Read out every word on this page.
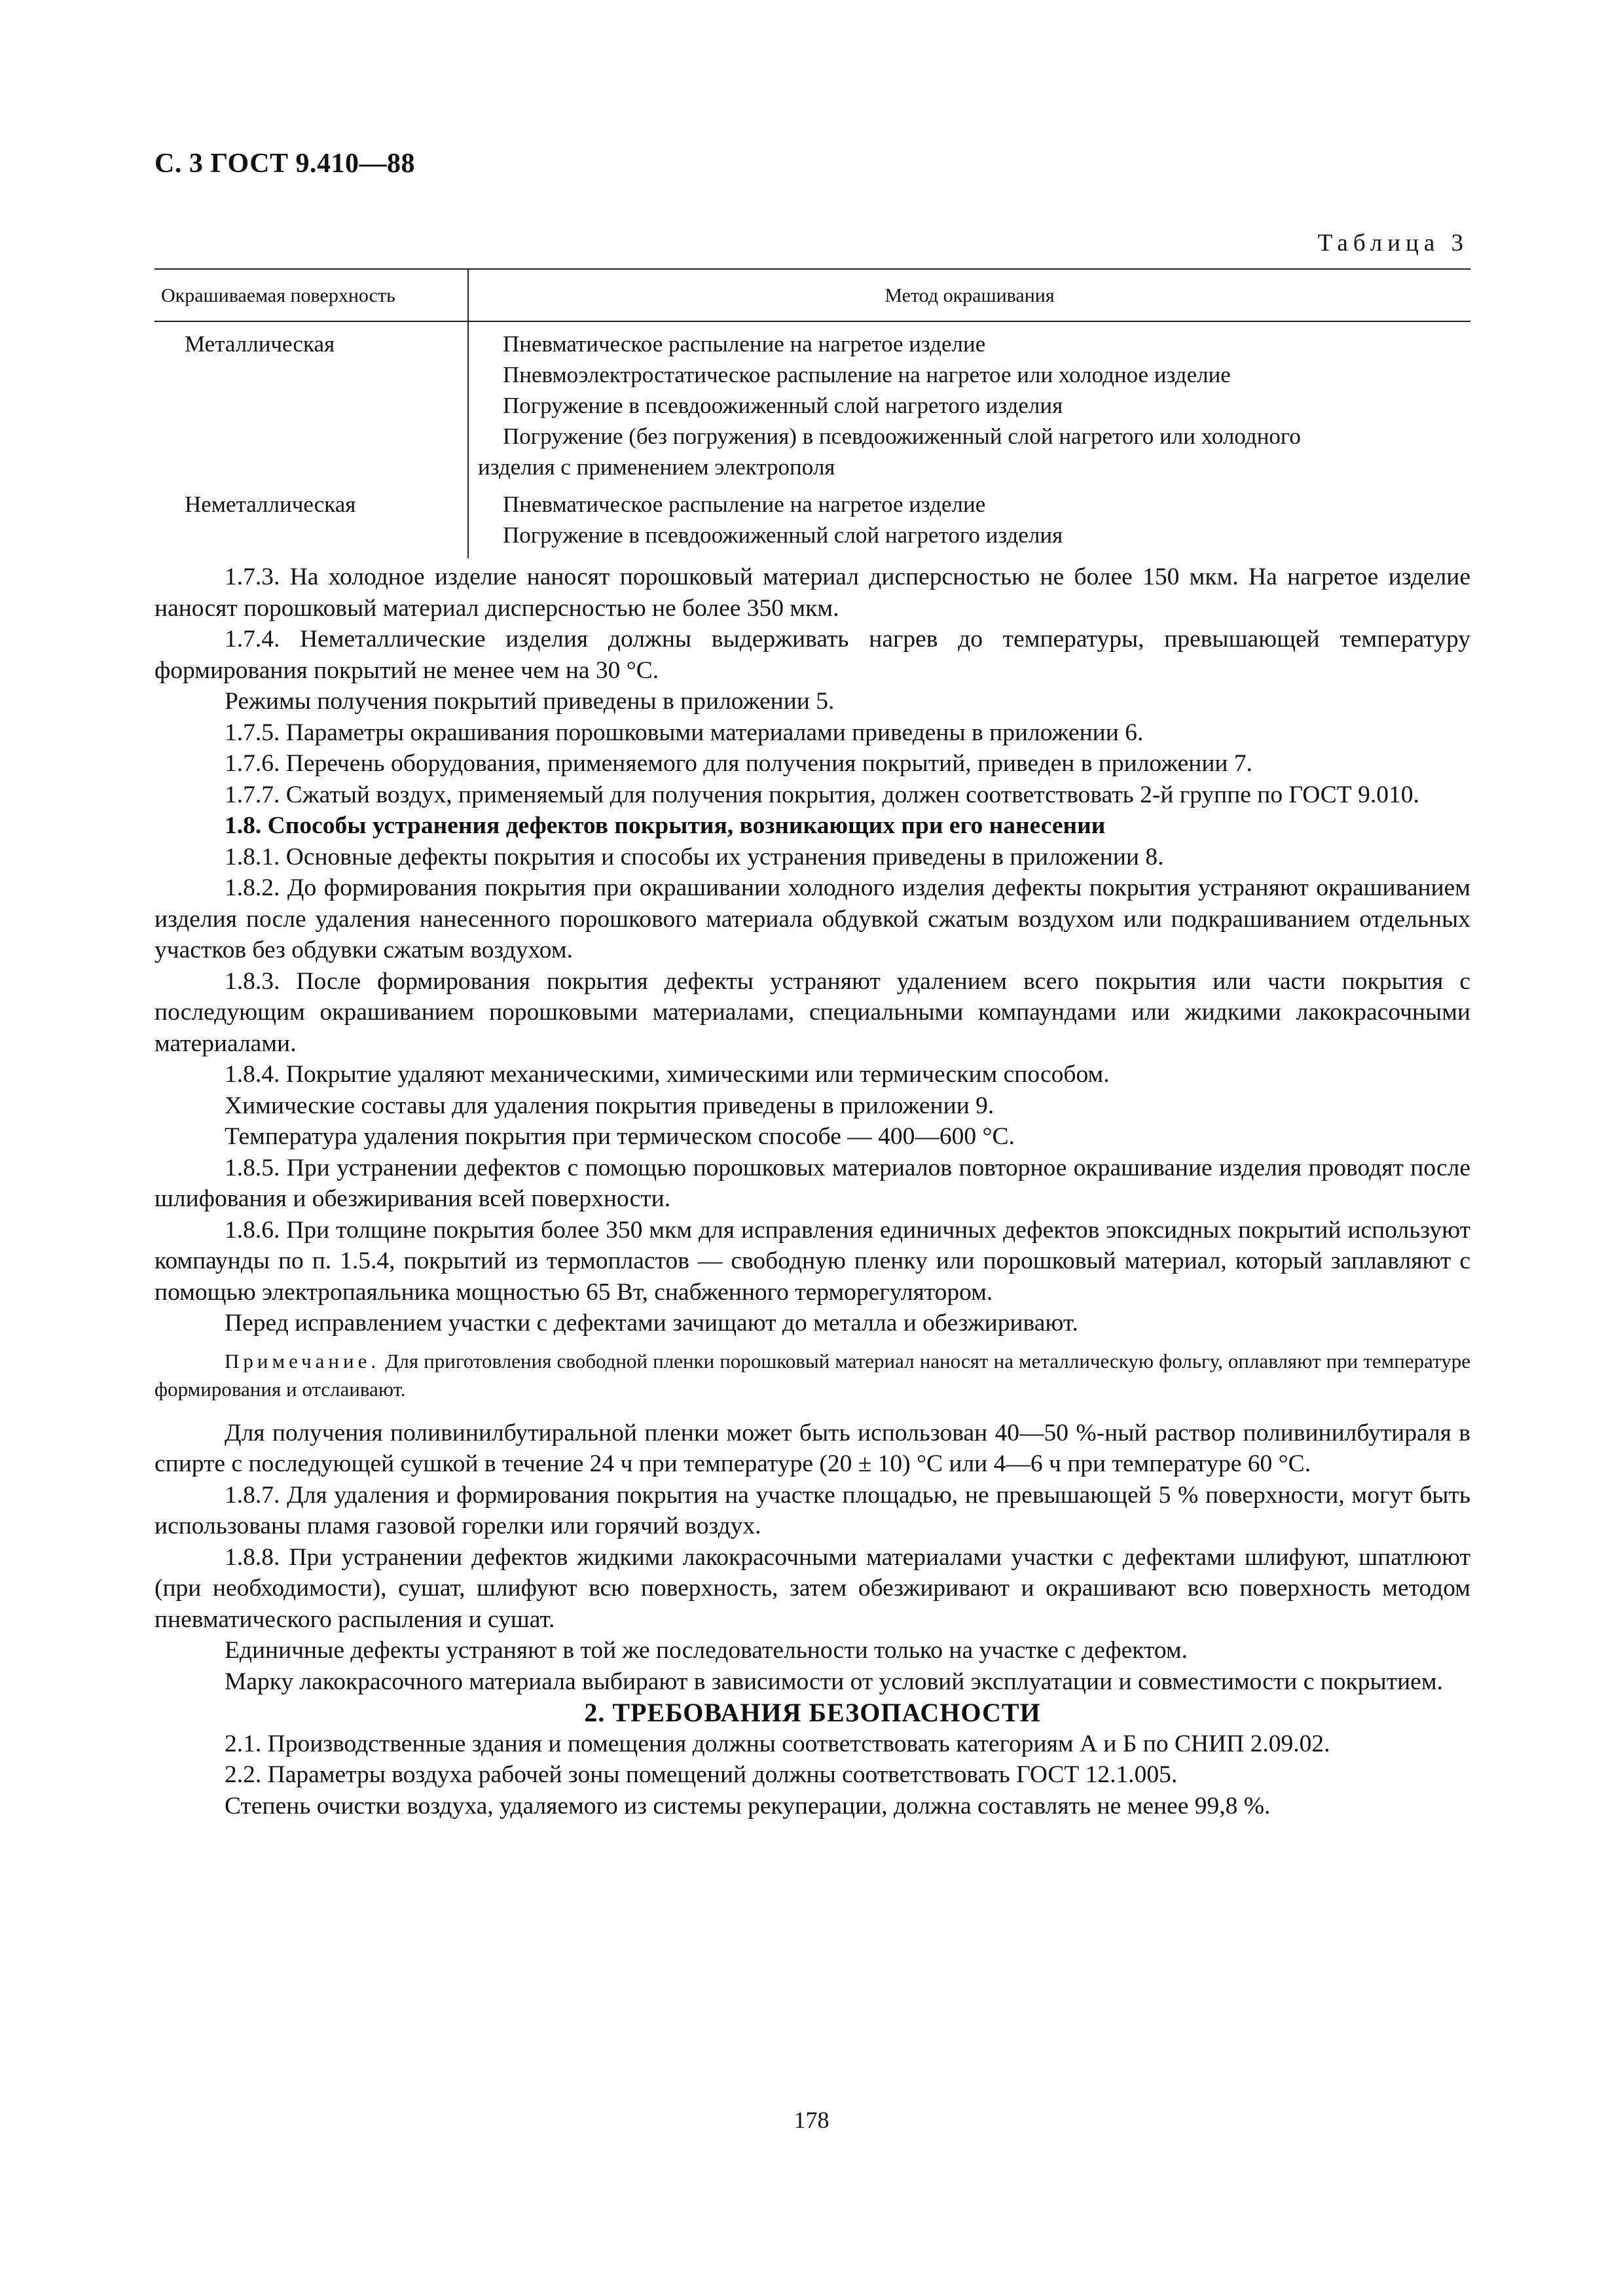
С. 3 ГОСТ 9.410—88
Таблица 3
Окрашиваемая поверхность	Метод окрашивания
Металлическая	Пневматическое распыление на нагретое изделие
Пневмоэлектростатическое распыление на нагретое или холодное изделие
Погружение в псевдоожиженный слой нагретого изделия
Погружение (без погружения) в псевдоожиженный слой нагретого или холодного
изделия с применением электрополя

Неметаллическая	Пневматическое распыление на нагретое изделие
Погружение в псевдоожиженный слой нагретого изделия

1.7.3. На холодное изделие наносят порошковый материал дисперсностью не более 150 мкм. На нагретое изделие наносят порошковый материал дисперсностью не более 350 мкм.

1.7.4. Неметаллические изделия должны выдерживать нагрев до температуры, превышающей температуру формирования покрытий не менее чем на 30 °С.

Режимы получения покрытий приведены в приложении 5.

1.7.5. Параметры окрашивания порошковыми материалами приведены в приложении 6.

1.7.6. Перечень оборудования, применяемого для получения покрытий, приведен в приложении 7.

1.7.7. Сжатый воздух, применяемый для получения покрытия, должен соответствовать 2-й группе по ГОСТ 9.010.

1.8. Способы устранения дефектов покрытия, возникающих при его нанесении

1.8.1. Основные дефекты покрытия и способы их устранения приведены в приложении 8.

1.8.2. До формирования покрытия при окрашивании холодного изделия дефекты покрытия устраняют окрашиванием изделия после удаления нанесенного порошкового материала обдувкой сжатым воздухом или подкрашиванием отдельных участков без обдувки сжатым воздухом.

1.8.3. После формирования покрытия дефекты устраняют удалением всего покрытия или части покрытия с последующим окрашиванием порошковыми материалами, специальными компаундами или жидкими лакокрасочными материалами.

1.8.4. Покрытие удаляют механическими, химическими или термическим способом.

Химические составы для удаления покрытия приведены в приложении 9.

Температура удаления покрытия при термическом способе — 400—600 °С.

1.8.5. При устранении дефектов с помощью порошковых материалов повторное окрашивание изделия проводят после шлифования и обезжиривания всей поверхности.

1.8.6. При толщине покрытия более 350 мкм для исправления единичных дефектов эпоксидных покрытий используют компаунды по п. 1.5.4, покрытий из термопластов — свободную пленку или порошковый материал, который заплавляют с помощью электропаяльника мощностью 65 Вт, снабженного терморегулятором.

Перед исправлением участки с дефектами зачищают до металла и обезжиривают.

Примечание. Для приготовления свободной пленки порошковый материал наносят на металлическую фольгу, оплавляют при температуре формирования и отслаивают.

Для получения поливинилбутиральной пленки может быть использован 40—50 %-ный раствор поливинилбутираля в спирте с последующей сушкой в течение 24 ч при температуре (20 ± 10) °С или 4—6 ч при температуре 60 °С.

1.8.7. Для удаления и формирования покрытия на участке площадью, не превышающей 5 % поверхности, могут быть использованы пламя газовой горелки или горячий воздух.

1.8.8. При устранении дефектов жидкими лакокрасочными материалами участки с дефектами шлифуют, шпатлюют (при необходимости), сушат, шлифуют всю поверхность, затем обезжиривают и окрашивают всю поверхность методом пневматического распыления и сушат.

Единичные дефекты устраняют в той же последовательности только на участке с дефектом.

Марку лакокрасочного материала выбирают в зависимости от условий эксплуатации и совместимости с покрытием.

2. ТРЕБОВАНИЯ БЕЗОПАСНОСТИ

2.1. Производственные здания и помещения должны соответствовать категориям А и Б по СНИП 2.09.02.

2.2. Параметры воздуха рабочей зоны помещений должны соответствовать ГОСТ 12.1.005.

Степень очистки воздуха, удаляемого из системы рекуперации, должна составлять не менее 99,8 %.

178
